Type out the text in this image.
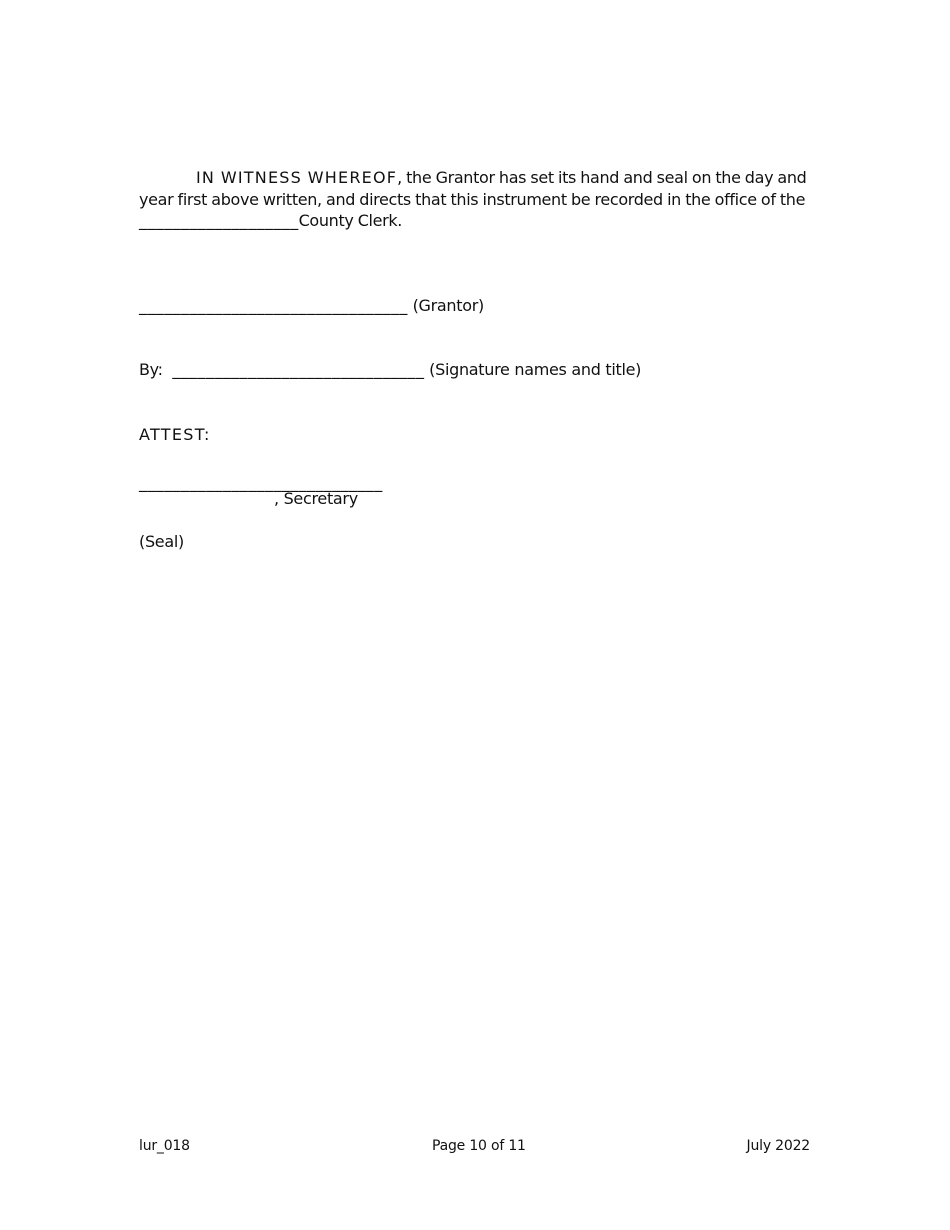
IN WITNESS WHEREOF, the Grantor has set its hand and seal on the day and
year first above written, and directs that this instrument be recorded in the office of the
___________________County Clerk.
________________________________ (Grantor)
By: ______________________________ (Signature names and title)
ATTEST:
_____________________________
, Secretary
(Seal)
lur_018	Page 10 of 11	July 2022
